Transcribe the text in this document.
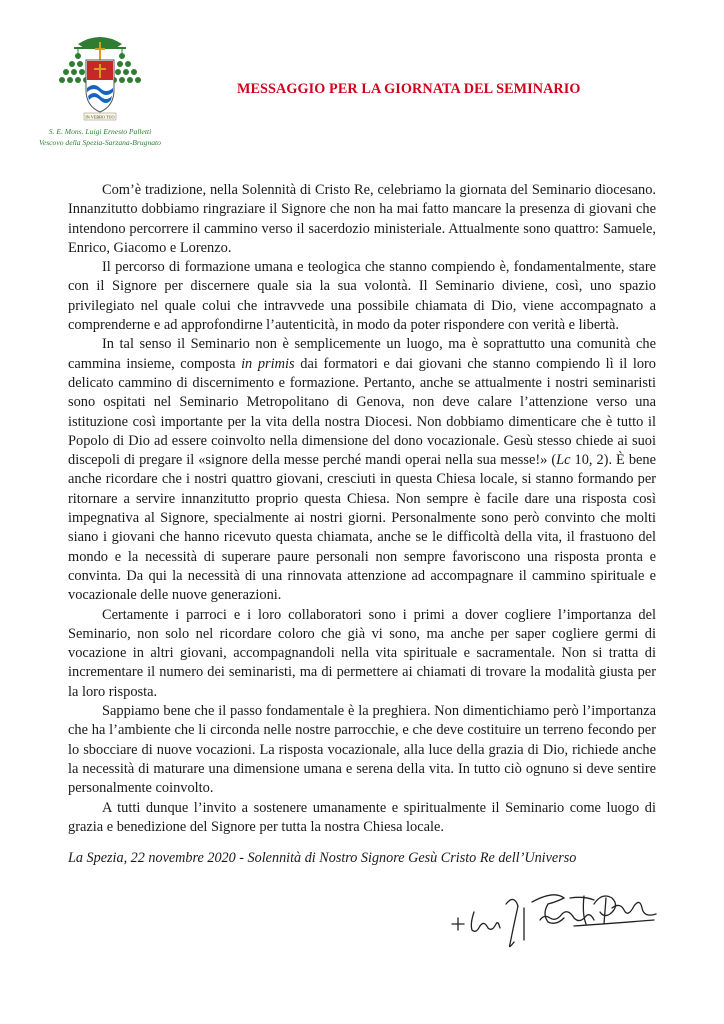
IN VERBO TUO
S. E. Mons. Luigi Ernesto Palletti
Vescovo della Spezia-Sarzana-Brugnato
MESSAGGIO PER LA GIORNATA DEL SEMINARIO

Com’è tradizione, nella Solennità di Cristo Re, celebriamo la giornata del Seminario diocesano. Innanzitutto dobbiamo ringraziare il Signore che non ha mai fatto mancare la presenza di giovani che intendono percorrere il cammino verso il sacerdozio ministeriale. Attualmente sono quattro: Samuele, Enrico, Giacomo e Lorenzo.

Il percorso di formazione umana e teologica che stanno compiendo è, fondamentalmente, stare con il Signore per discernere quale sia la sua volontà. Il Seminario diviene, così, uno spazio privilegiato nel quale colui che intravvede una possibile chiamata di Dio, viene accompagnato a comprenderne e ad approfondirne l’autenticità, in modo da poter rispondere con verità e libertà.

In tal senso il Seminario non è semplicemente un luogo, ma è soprattutto una comunità che cammina insieme, composta in primis dai formatori e dai giovani che stanno compiendo lì il loro delicato cammino di discernimento e formazione. Pertanto, anche se attualmente i nostri seminaristi sono ospitati nel Seminario Metropolitano di Genova, non deve calare l’attenzione verso una istituzione così importante per la vita della nostra Diocesi. Non dobbiamo dimenticare che è tutto il Popolo di Dio ad essere coinvolto nella dimensione del dono vocazionale. Gesù stesso chiede ai suoi discepoli di pregare il «signore della messe perché mandi operai nella sua messe!» (Lc 10, 2). È bene anche ricordare che i nostri quattro giovani, cresciuti in questa Chiesa locale, si stanno formando per ritornare a servire innanzitutto proprio questa Chiesa. Non sempre è facile dare una risposta così impegnativa al Signore, specialmente ai nostri giorni. Personalmente sono però convinto che molti siano i giovani che hanno ricevuto questa chiamata, anche se le difficoltà della vita, il frastuono del mondo e la necessità di superare paure personali non sempre favoriscono una risposta pronta e convinta. Da qui la necessità di una rinnovata attenzione ad accompagnare il cammino spirituale e vocazionale delle nuove generazioni.

Certamente i parroci e i loro collaboratori sono i primi a dover cogliere l’importanza del Seminario, non solo nel ricordare coloro che già vi sono, ma anche per saper cogliere germi di vocazione in altri giovani, accompagnandoli nella vita spirituale e sacramentale. Non si tratta di incrementare il numero dei seminaristi, ma di permettere ai chiamati di trovare la modalità giusta per la loro risposta.

Sappiamo bene che il passo fondamentale è la preghiera. Non dimentichiamo però l’importanza che ha l’ambiente che li circonda nelle nostre parrocchie, e che deve costituire un terreno fecondo per lo sbocciare di nuove vocazioni. La risposta vocazionale, alla luce della grazia di Dio, richiede anche la necessità di maturare una dimensione umana e serena della vita. In tutto ciò ognuno si deve sentire personalmente coinvolto.

A tutti dunque l’invito a sostenere umanamente e spiritualmente il Seminario come luogo di grazia e benedizione del Signore per tutta la nostra Chiesa locale.

La Spezia, 22 novembre 2020 - Solennità di Nostro Signore Gesù Cristo Re dell’Universo
